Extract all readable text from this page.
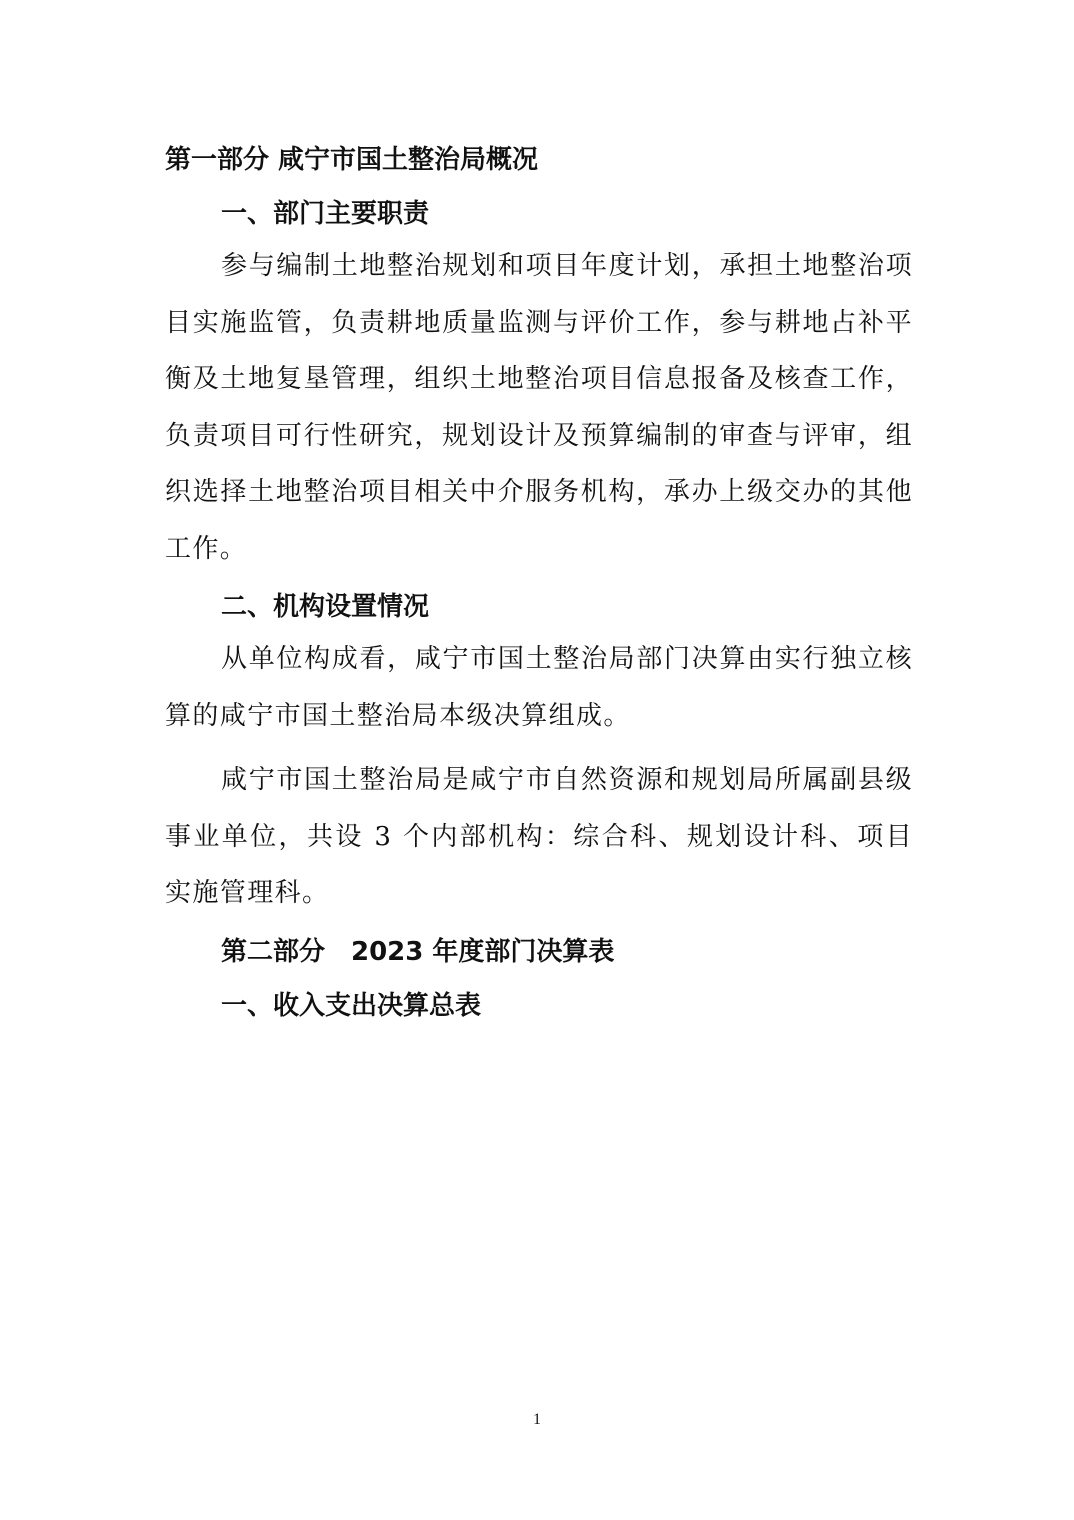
第一部分 咸宁市国土整治局概况
一、部门主要职责

参与编制土地整治规划和项目年度计划，承担土地整治项目实施监管，负责耕地质量监测与评价工作，参与耕地占补平衡及土地复垦管理，组织土地整治项目信息报备及核查工作，负责项目可行性研究，规划设计及预算编制的审查与评审，组织选择土地整治项目相关中介服务机构，承办上级交办的其他工作。

二、机构设置情况

从单位构成看，咸宁市国土整治局部门决算由实行独立核算的咸宁市国土整治局本级决算组成。

咸宁市国土整治局是咸宁市自然资源和规划局所属副县级事业单位，共设 3 个内部机构：综合科、规划设计科、项目实施管理科。

第二部分　2023 年度部门决算表
一、收入支出决算总表
1
